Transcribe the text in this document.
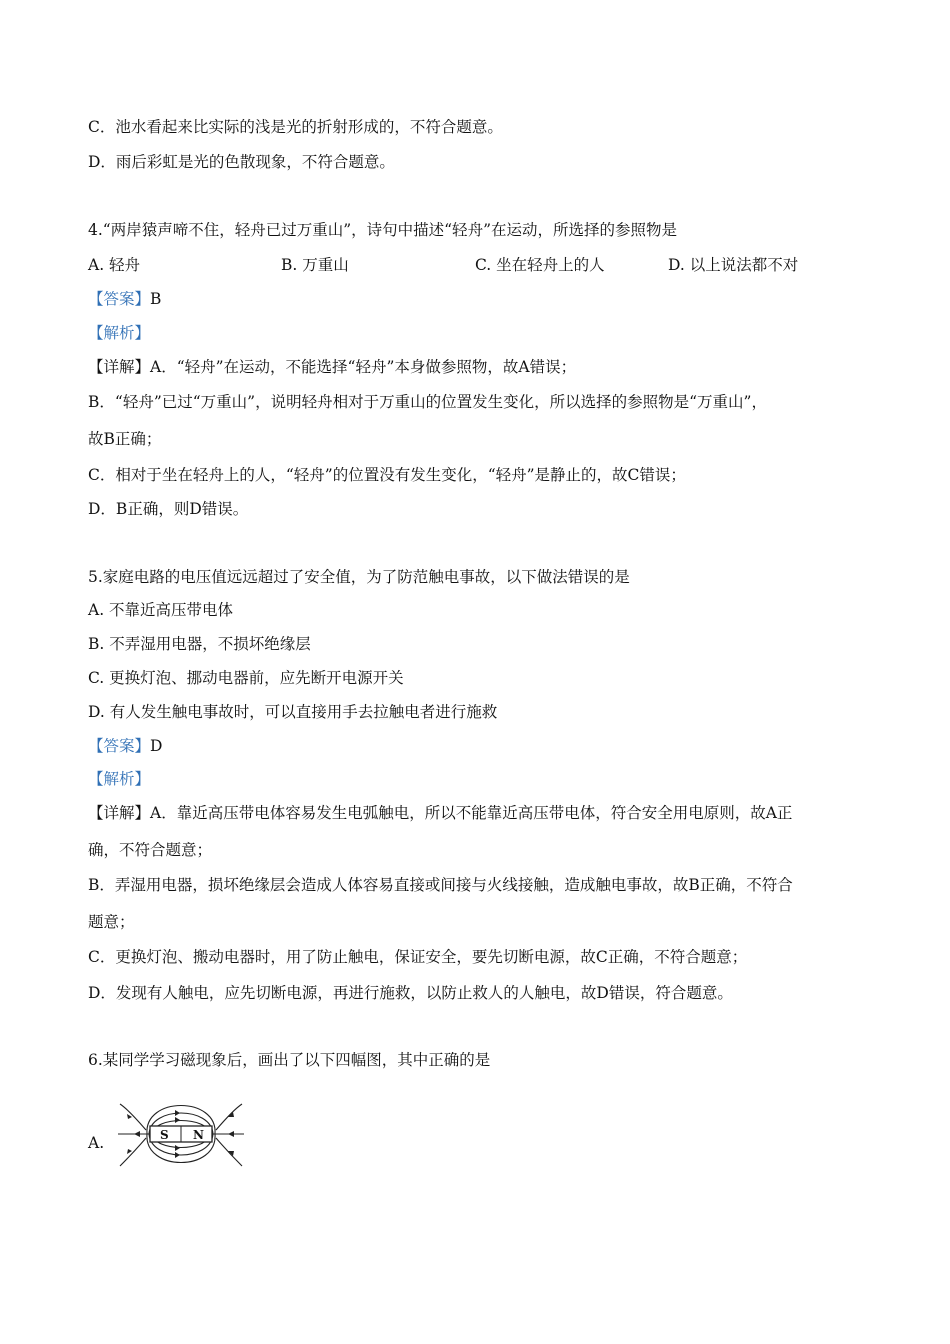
C．池水看起来比实际的浅是光的折射形成的，不符合题意。
D．雨后彩虹是光的色散现象，不符合题意。
4.“两岸猿声啼不住，轻舟已过万重山”，诗句中描述“轻舟”在运动，所选择的参照物是
A. 轻舟	B. 万重山	C. 坐在轻舟上的人	D. 以上说法都不对
【答案】B
【解析】
【详解】A．“轻舟”在运动，不能选择“轻舟”本身做参照物，故A错误；
B．“轻舟”已过“万重山”，说明轻舟相对于万重山的位置发生变化，所以选择的参照物是“万重山”，
故B正确；
C．相对于坐在轻舟上的人，“轻舟”的位置没有发生变化，“轻舟”是静止的，故C错误；
D．B正确，则D错误。
5.家庭电路的电压值远远超过了安全值，为了防范触电事故，以下做法错误的是
A. 不靠近高压带电体
B. 不弄湿用电器，不损坏绝缘层
C. 更换灯泡、挪动电器前，应先断开电源开关
D. 有人发生触电事故时，可以直接用手去拉触电者进行施救
【答案】D
【解析】
【详解】A．靠近高压带电体容易发生电弧触电，所以不能靠近高压带电体，符合安全用电原则，故A正
确，不符合题意；
B．弄湿用电器，损坏绝缘层会造成人体容易直接或间接与火线接触，造成触电事故，故B正确，不符合
题意；
C．更换灯泡、搬动电器时，用了防止触电，保证安全，要先切断电源，故C正确，不符合题意；
D．发现有人触电，应先切断电源，再进行施救，以防止救人的人触电，故D错误，符合题意。
6.某同学学习磁现象后，画出了以下四幅图，其中正确的是
A.	S N
